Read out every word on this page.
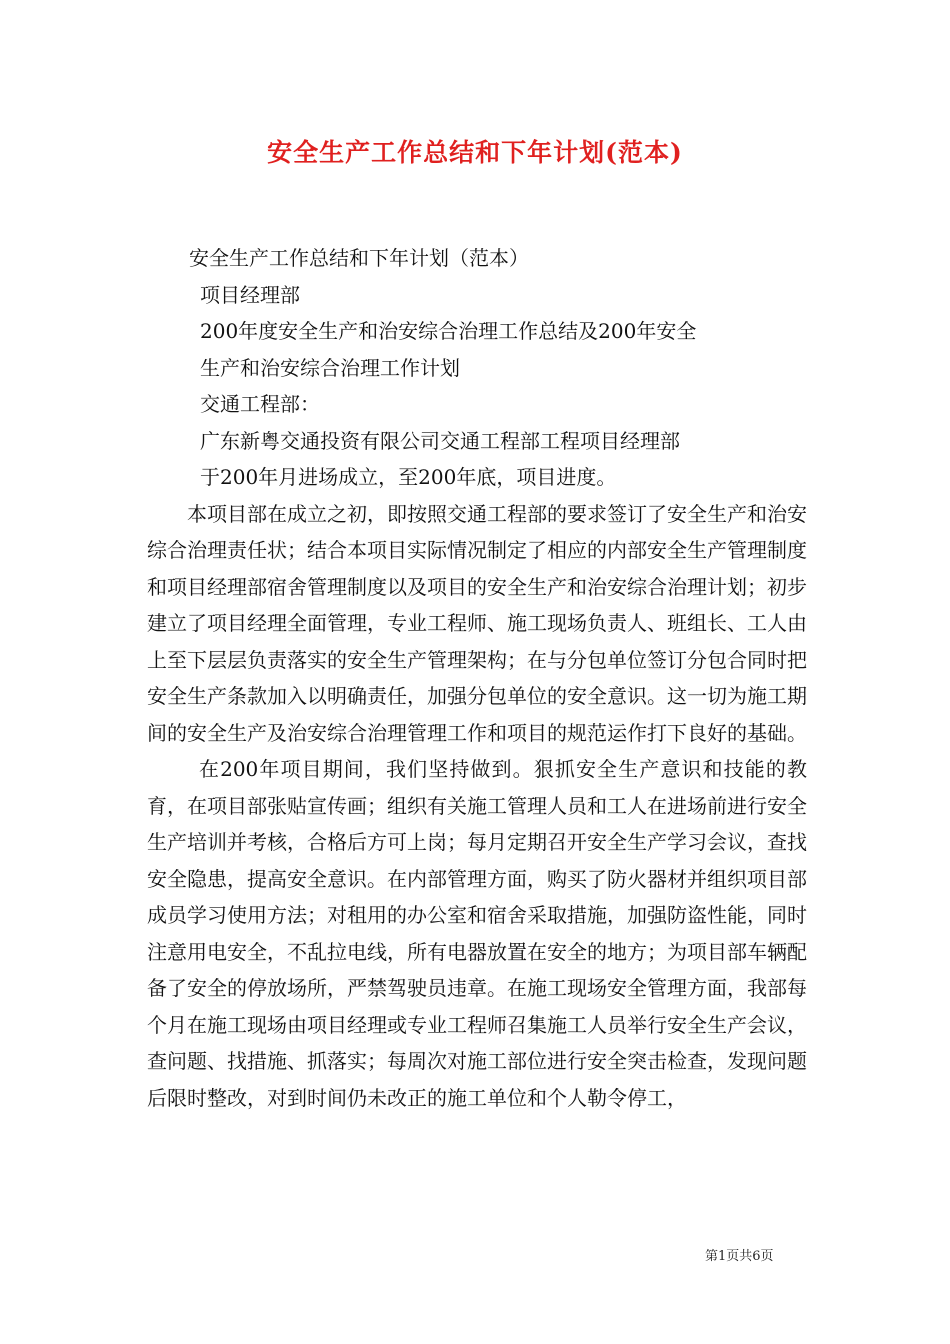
安全生产工作总结和下年计划(范本)
安全生产工作总结和下年计划（范本）
项目经理部
200年度安全生产和治安综合治理工作总结及200年安全
生产和治安综合治理工作计划
交通工程部：
广东新粤交通投资有限公司交通工程部工程项目经理部
于200年月进场成立，至200年底，项目进度。

本项目部在成立之初，即按照交通工程部的要求签订了安全生产和治安综合治理责任状；结合本项目实际情况制定了相应的内部安全生产管理制度和项目经理部宿舍管理制度以及项目的安全生产和治安综合治理计划；初步建立了项目经理全面管理，专业工程师、施工现场负责人、班组长、工人由上至下层层负责落实的安全生产管理架构；在与分包单位签订分包合同时把安全生产条款加入以明确责任，加强分包单位的安全意识。这一切为施工期间的安全生产及治安综合治理管理工作和项目的规范运作打下良好的基础。

在200年项目期间，我们坚持做到。狠抓安全生产意识和技能的教育，在项目部张贴宣传画；组织有关施工管理人员和工人在进场前进行安全生产培训并考核，合格后方可上岗；每月定期召开安全生产学习会议，查找安全隐患，提高安全意识。在内部管理方面，购买了防火器材并组织项目部成员学习使用方法；对租用的办公室和宿舍采取措施，加强防盗性能，同时注意用电安全，不乱拉电线，所有电器放置在安全的地方；为项目部车辆配备了安全的停放场所，严禁驾驶员违章。在施工现场安全管理方面，我部每个月在施工现场由项目经理或专业工程师召集施工人员举行安全生产会议，查问题、找措施、抓落实；每周次对施工部位进行安全突击检查，发现问题后限时整改，对到时间仍未改正的施工单位和个人勒令停工，

第1页共6页
